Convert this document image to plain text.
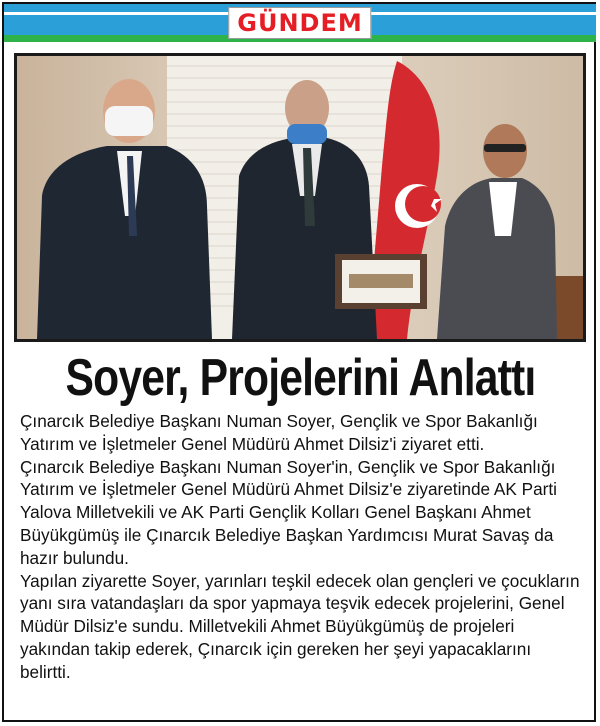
GÜNDEM
Soyer, Projelerini Anlattı

Çınarcık Belediye Başkanı Numan Soyer, Gençlik ve Spor Bakanlığı Yatırım ve İşletmeler Genel Müdürü Ahmet Dilsiz'i ziyaret etti.

Çınarcık Belediye Başkanı Numan Soyer'in, Gençlik ve Spor Bakanlığı Yatırım ve İşletmeler Genel Müdürü Ahmet Dilsiz'e ziyaretinde AK Parti Yalova Milletvekili ve AK Parti Gençlik Kolları Genel Başkanı Ahmet Büyükgümüş ile Çınarcık Belediye Başkan Yardımcısı Murat Savaş da hazır bulundu.

Yapılan ziyarette Soyer, yarınları teşkil edecek olan gençleri ve çocukların yanı sıra vatandaşları da spor yapmaya teşvik edecek projelerini, Genel Müdür Dilsiz'e sundu. Milletvekili Ahmet Büyükgümüş de projeleri yakından takip ederek, Çınarcık için gereken her şeyi yapacaklarını belirtti.
